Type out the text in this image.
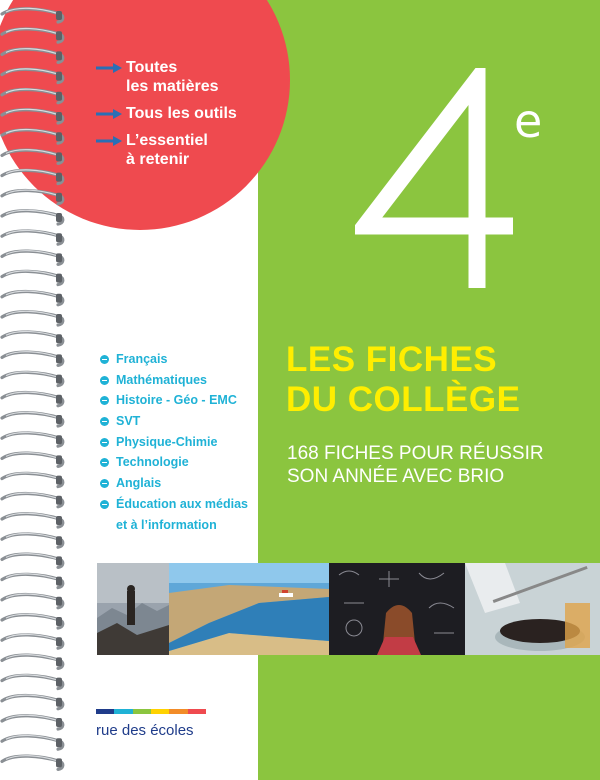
Toutes
les matières
Tous les outils
L’essentiel
à retenir
e
LES FICHES
DU COLLÈGE
168 FICHES POUR RÉUSSIR
SON ANNÉE AVEC BRIO
Français
Mathématiques
Histoire - Géo - EMC
SVT
Physique-Chimie
Technologie
Anglais
Éducation aux médias
et à l’information
rue des écoles
